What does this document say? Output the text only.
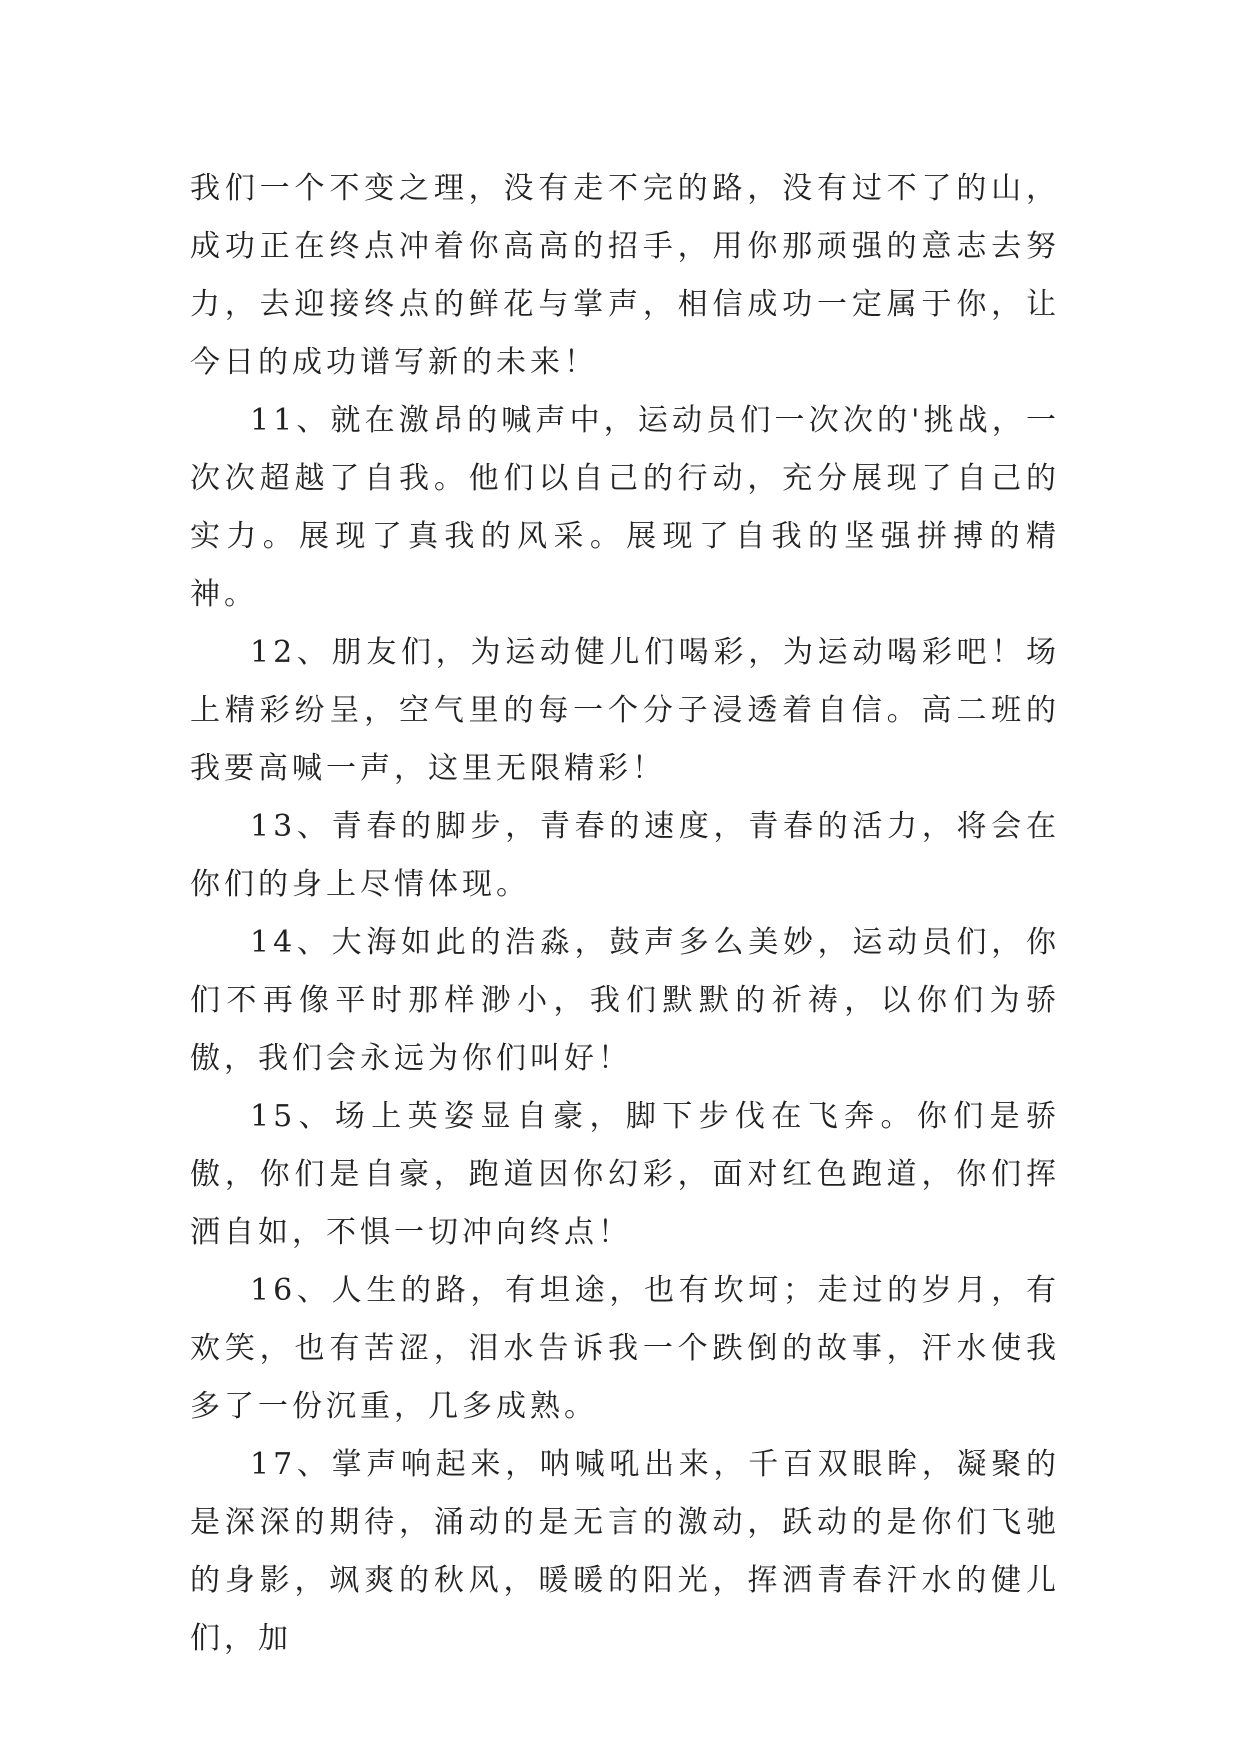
我们一个不变之理，没有走不完的路，没有过不了的山，成功正在终点冲着你高高的招手，用你那顽强的意志去努力，去迎接终点的鲜花与掌声，相信成功一定属于你，让今日的成功谱写新的未来！

11、就在激昂的喊声中，运动员们一次次的'挑战，一次次超越了自我。他们以自己的行动，充分展现了自己的实力。展现了真我的风采。展现了自我的坚强拼搏的精神。

12、朋友们，为运动健儿们喝彩，为运动喝彩吧！场上精彩纷呈，空气里的每一个分子浸透着自信。高二班的我要高喊一声，这里无限精彩！

13、青春的脚步，青春的速度，青春的活力，将会在你们的身上尽情体现。

14、大海如此的浩淼，鼓声多么美妙，运动员们，你们不再像平时那样渺小，我们默默的祈祷，以你们为骄傲，我们会永远为你们叫好！

15、场上英姿显自豪，脚下步伐在飞奔。你们是骄傲，你们是自豪，跑道因你幻彩，面对红色跑道，你们挥洒自如，不惧一切冲向终点！

16、人生的路，有坦途，也有坎坷；走过的岁月，有欢笑，也有苦涩，泪水告诉我一个跌倒的故事，汗水使我多了一份沉重，几多成熟。

17、掌声响起来，呐喊吼出来，千百双眼眸，凝聚的是深深的期待，涌动的是无言的激动，跃动的是你们飞驰的身影，飒爽的秋风，暖暖的阳光，挥洒青春汗水的健儿们，加
